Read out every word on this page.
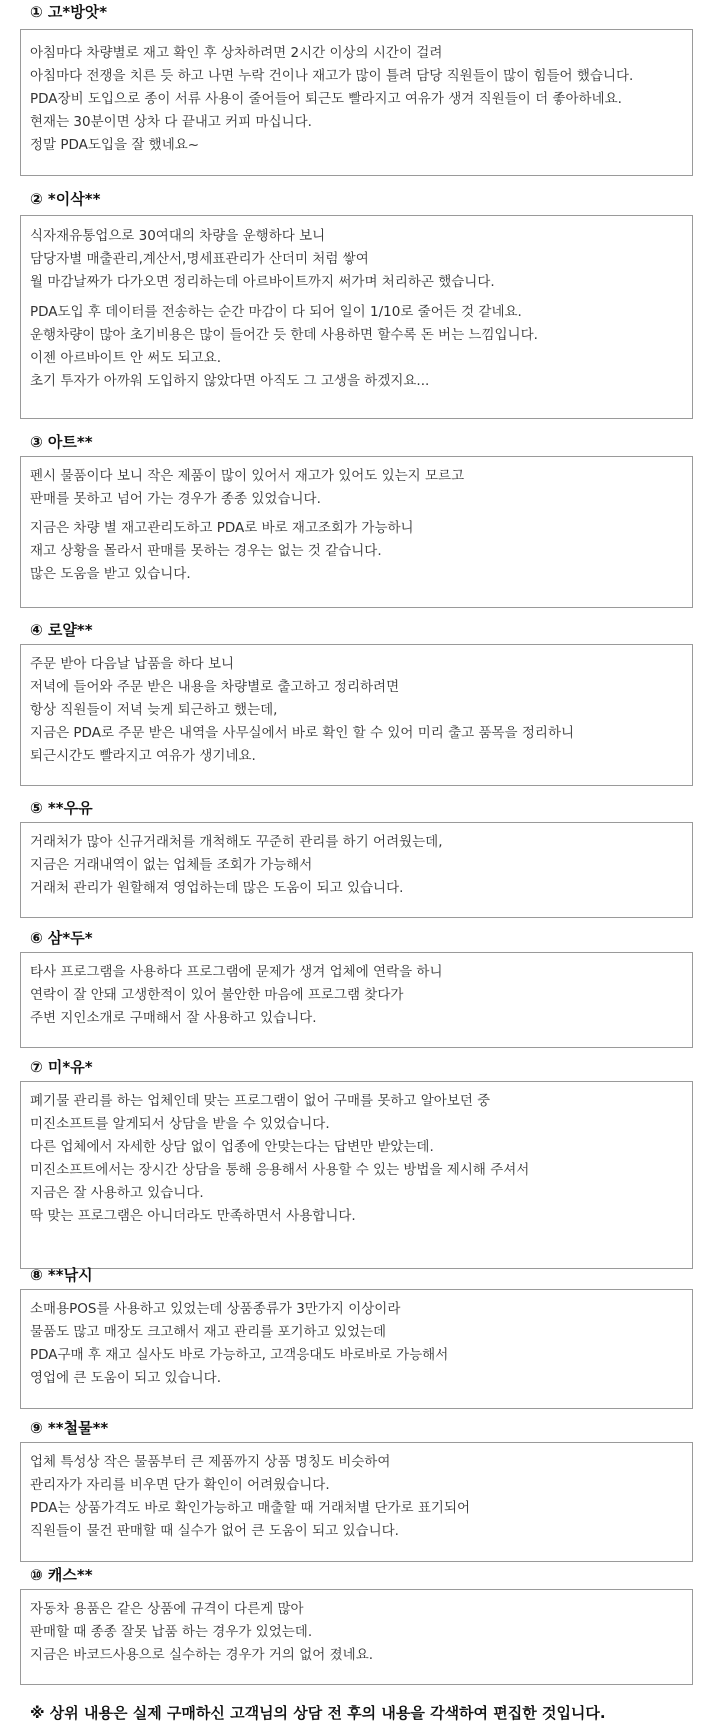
① 고*방앗*
아침마다 차량별로 재고 확인 후 상차하려면 2시간 이상의 시간이 걸려
아침마다 전쟁을 치른 듯 하고 나면 누락 건이나 재고가 많이 틀려 담당 직원들이 많이 힘들어 했습니다.
PDA장비 도입으로 종이 서류 사용이 줄어들어 퇴근도 빨라지고 여유가 생겨 직원들이 더 좋아하네요.
현재는 30분이면 상차 다 끝내고 커피 마십니다.
정말 PDA도입을 잘 했네요~
② *이삭**
식자재유통업으로 30여대의 차량을 운행하다 보니
담당자별 매출관리,계산서,명세표관리가 산더미 처럼 쌓여
월 마감날짜가 다가오면 정리하는데 아르바이트까지 써가며 처리하곤 했습니다.
PDA도입 후 데이터를 전송하는 순간 마감이 다 되어 일이 1/10로 줄어든 것 같네요.
운행차량이 많아 초기비용은 많이 들어간 듯 한데 사용하면 할수록 돈 버는 느낌입니다.
이젠 아르바이트 안 써도 되고요.
초기 투자가 아까워 도입하지 않았다면 아직도 그 고생을 하겠지요...
③ 아트**
펜시 물품이다 보니 작은 제품이 많이 있어서 재고가 있어도 있는지 모르고
판매를 못하고 넘어 가는 경우가 종종 있었습니다.
지금은 차량 별 재고관리도하고 PDA로 바로 재고조회가 가능하니
재고 상황을 몰라서 판매를 못하는 경우는 없는 것 같습니다.
많은 도움을 받고 있습니다.
④ 로얄**
주문 받아 다음날 납품을 하다 보니
저녁에 들어와 주문 받은 내용을 차량별로 출고하고 정리하려면
항상 직원들이 저녁 늦게 퇴근하고 했는데,
지금은 PDA로 주문 받은 내역을 사무실에서 바로 확인 할 수 있어 미리 출고 품목을 정리하니
퇴근시간도 빨라지고 여유가 생기네요.
⑤ **우유
거래처가 많아 신규거래처를 개척해도 꾸준히 관리를 하기 어려웠는데,
지금은 거래내역이 없는 업체들 조회가 가능해서
거래처 관리가 원할해져 영업하는데 많은 도움이 되고 있습니다.
⑥ 삼*두*
타사 프로그램을 사용하다 프로그램에 문제가 생겨 업체에 연락을 하니
연락이 잘 안돼 고생한적이 있어 불안한 마음에 프로그램 찾다가
주변 지인소개로 구매해서 잘 사용하고 있습니다.
⑦ 미*유*
폐기물 관리를 하는 업체인데 맞는 프로그램이 없어 구매를 못하고 알아보던 중
미진소프트를 알게되서 상담을 받을 수 있었습니다.
다른 업체에서 자세한 상담 없이 업종에 안맞는다는 답변만 받았는데.
미진소프트에서는 장시간 상담을 통해 응용해서 사용할 수 있는 방법을 제시해 주셔서
지금은 잘 사용하고 있습니다.
딱 맞는 프로그램은 아니더라도 만족하면서 사용합니다.
⑧ **낚시
소매용POS를 사용하고 있었는데 상품종류가 3만가지 이상이라
물품도 많고 매장도 크고해서 재고 관리를 포기하고 있었는데
PDA구매 후 재고 실사도 바로 가능하고, 고객응대도 바로바로 가능해서
영업에 큰 도움이 되고 있습니다.
⑨ **철물**
업체 특성상 작은 물품부터 큰 제품까지 상품 명칭도 비슷하여
관리자가 자리를 비우면 단가 확인이 어려웠습니다.
PDA는 상품가격도 바로 확인가능하고 매출할 때 거래처별 단가로 표기되어
직원들이 물건 판매할 때 실수가 없어 큰 도움이 되고 있습니다.
⑩ 캐스**
자동차 용품은 같은 상품에 규격이 다른게 많아
판매할 때 종종 잘못 납품 하는 경우가 있었는데.
지금은 바코드사용으로 실수하는 경우가 거의 없어 졌네요.
※ 상위 내용은 실제 구매하신 고객님의 상담 전 후의 내용을 각색하여 편집한 것입니다.
